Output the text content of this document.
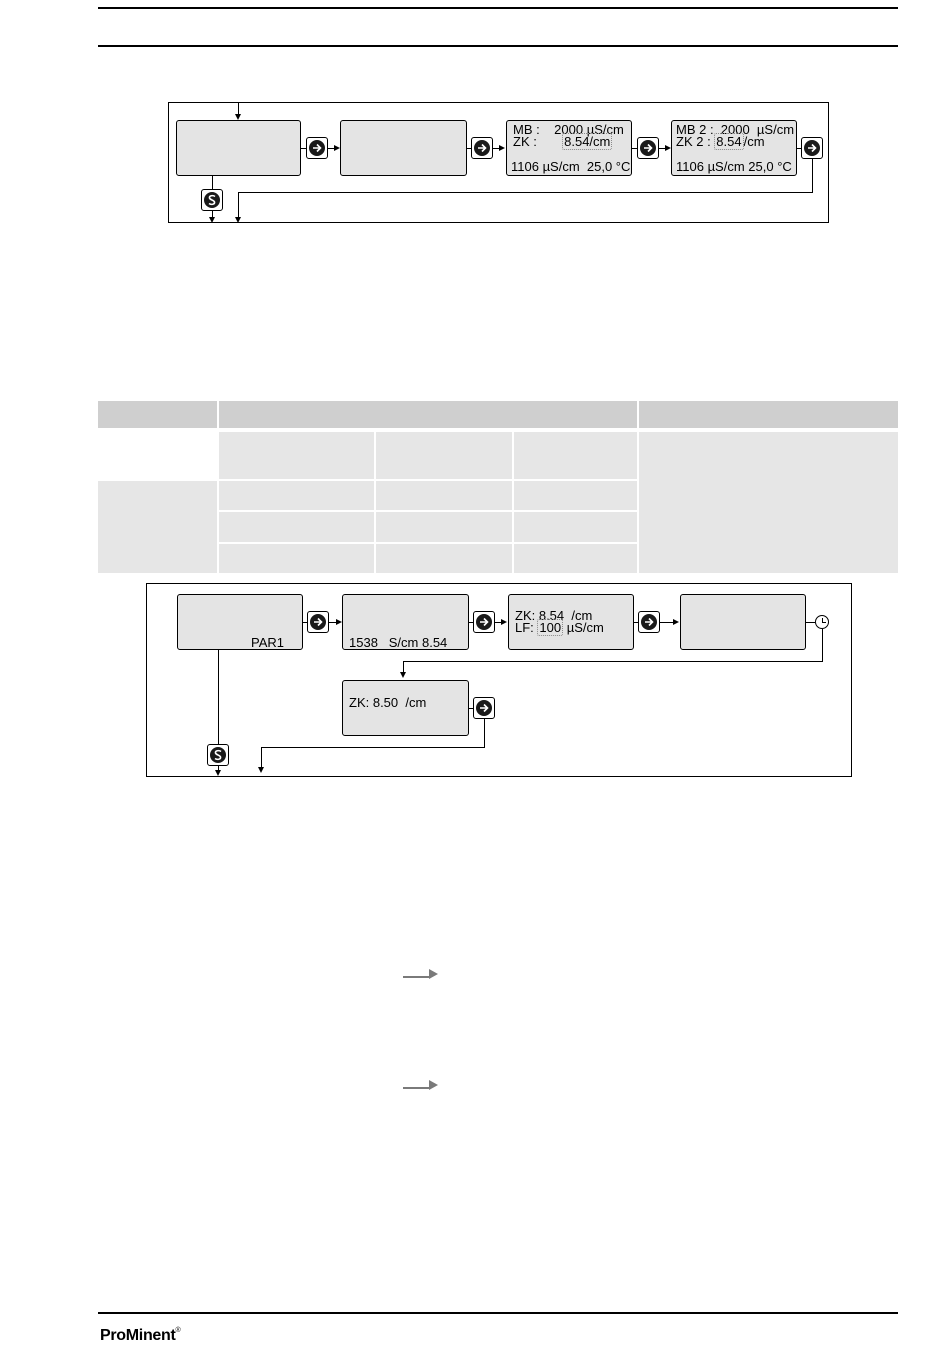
MB :    2000 µS/cm
ZK :       8.54/cm
1106 µS/cm  25,0 °C
MB 2 :  2000  µS/cm
ZK 2 : 8.54 /cm
1106 µS/cm 25,0 °C
PAR1	1538   S/cm 8.54
ZK: 8.54  /cm
LF: 100 µS/cm
ZK: 8.50  /cm
ProMinent®
